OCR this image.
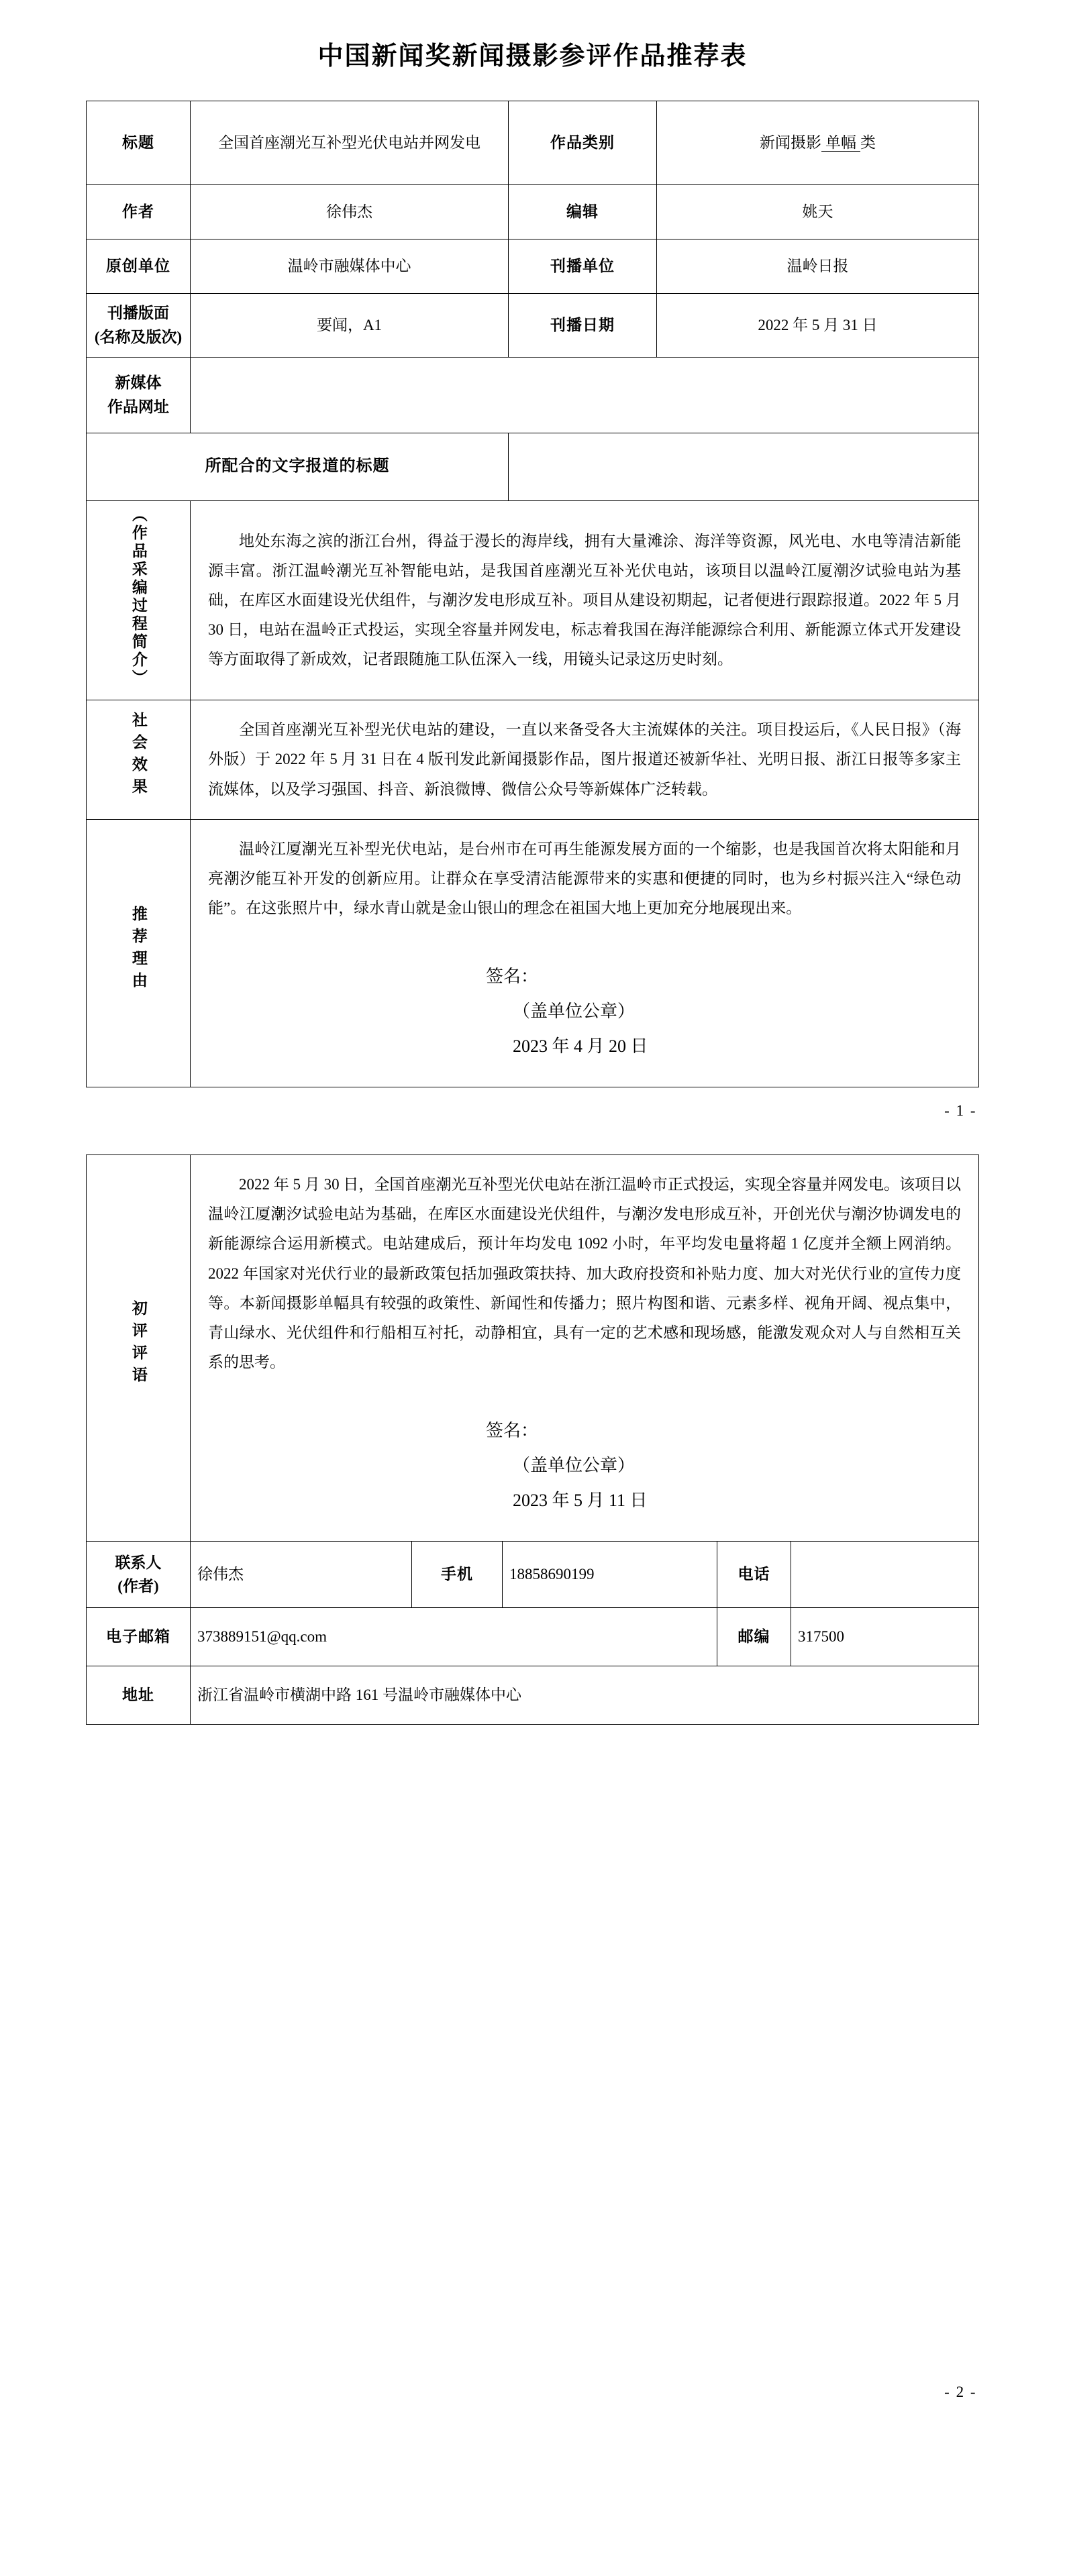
中国新闻奖新闻摄影参评作品推荐表
标题	全国首座潮光互补型光伏电站并网发电	作品类别	新闻摄影 单幅 类
作者	徐伟杰	编辑	姚天
原创单位	温岭市融媒体中心	刊播单位	温岭日报

刊播版面
(名称及版次)	要闻，A1	刊播日期	2022 年 5 月 31 日

新媒体
作品网址			

所配合的文字报道的标题			
（作品采编过程简介）	地处东海之滨的浙江台州，得益于漫长的海岸线，拥有大量滩涂、海洋等资源，风光电、水电等清洁新能源丰富。浙江温岭潮光互补智能电站，是我国首座潮光互补光伏电站，该项目以温岭江厦潮汐试验电站为基础，在库区水面建设光伏组件，与潮汐发电形成互补。项目从建设初期起，记者便进行跟踪报道。2022 年 5 月 30 日，电站在温岭正式投运，实现全容量并网发电，标志着我国在海洋能源综合利用、新能源立体式开发建设等方面取得了新成效，记者跟随施工队伍深入一线，用镜头记录这历史时刻。		

社会效果	全国首座潮光互补型光伏电站的建设，一直以来备受各大主流媒体的关注。项目投运后，《人民日报》（海外版）于 2022 年 5 月 31 日在 4 版刊发此新闻摄影作品，图片报道还被新华社、光明日报、浙江日报等多家主流媒体，以及学习强国、抖音、新浪微博、微信公众号等新媒体广泛转载。		

推荐理由	温岭江厦潮光互补型光伏电站，是台州市在可再生能源发展方面的一个缩影，也是我国首次将太阳能和月亮潮汐能互补开发的创新应用。让群众在享受清洁能源带来的实惠和便捷的同时，也为乡村振兴注入“绿色动能”。在这张照片中，绿水青山就是金山银山的理念在祖国大地上更加充分地展现出来。

签名：
（盖单位公章）
2023 年 4 月 20 日		
- 1 -
初评评语	2022 年 5 月 30 日，全国首座潮光互补型光伏电站在浙江温岭市正式投运，实现全容量并网发电。该项目以温岭江厦潮汐试验电站为基础，在库区水面建设光伏组件，与潮汐发电形成互补，开创光伏与潮汐协调发电的新能源综合运用新模式。电站建成后，预计年均发电 1092 小时，年平均发电量将超 1 亿度并全额上网消纳。2022 年国家对光伏行业的最新政策包括加强政策扶持、加大政府投资和补贴力度、加大对光伏行业的宣传力度等。本新闻摄影单幅具有较强的政策性、新闻性和传播力；照片构图和谐、元素多样、视角开阔、视点集中，青山绿水、光伏组件和行船相互衬托，动静相宜，具有一定的艺术感和现场感，能激发观众对人与自然相互关系的思考。

签名：
（盖单位公章）
2023 年 5 月 11 日				

联系人
(作者)	徐伟杰	手机	18858690199	电话	
电子邮箱	373889151@qq.com			邮编	317500
地址	浙江省温岭市横湖中路 161 号温岭市融媒体中心				
- 2 -
